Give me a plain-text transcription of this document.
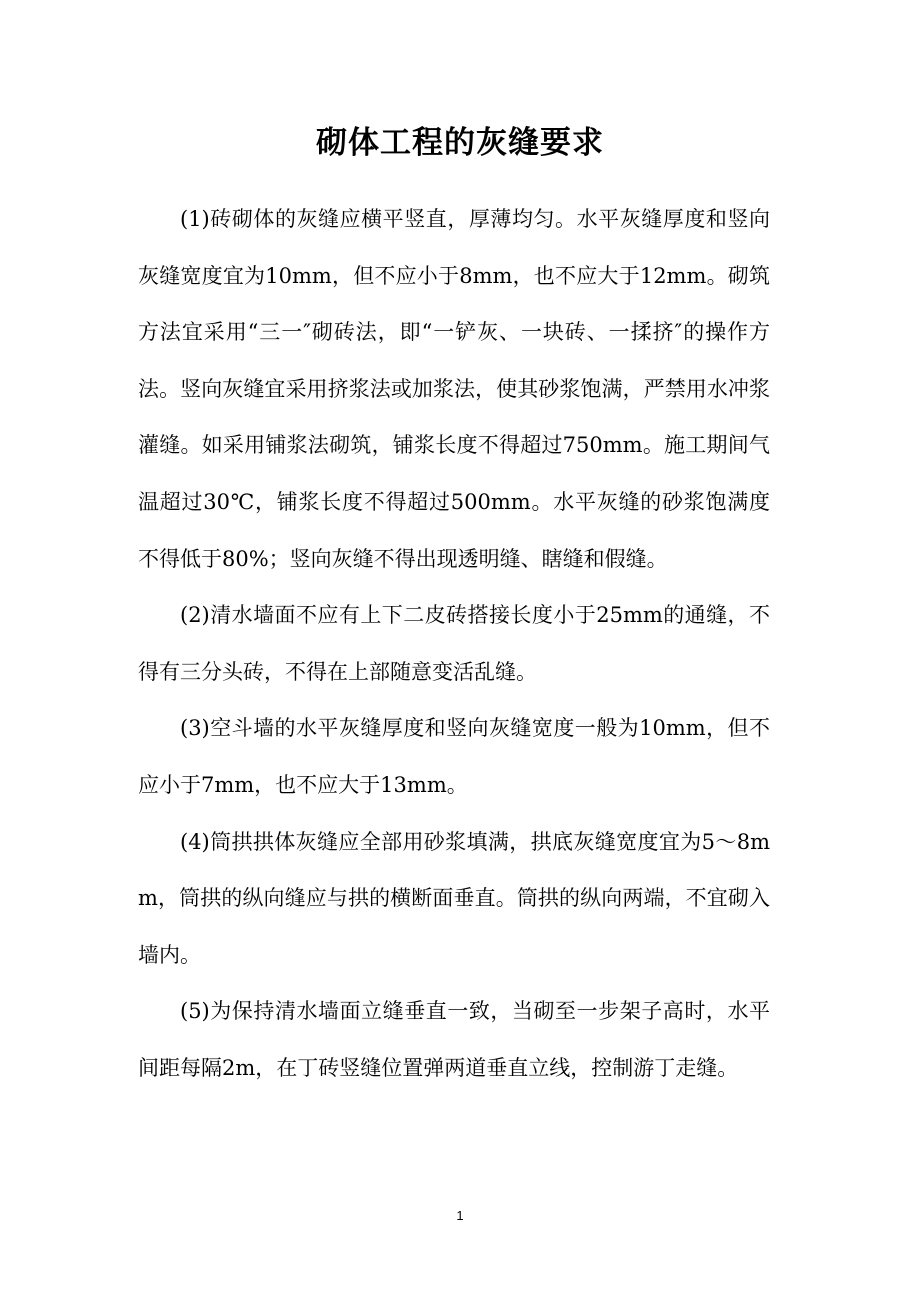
砌体工程的灰缝要求

(1)砖砌体的灰缝应横平竖直，厚薄均匀。水平灰缝厚度和竖向灰缝宽度宜为10mm，但不应小于8mm，也不应大于12mm。砌筑方法宜采用“三一″砌砖法，即“一铲灰、一块砖、一揉挤″的操作方法。竖向灰缝宜采用挤浆法或加浆法，使其砂浆饱满，严禁用水冲浆灌缝。如采用铺浆法砌筑，铺浆长度不得超过750mm。施工期间气温超过30℃，铺浆长度不得超过500mm。水平灰缝的砂浆饱满度不得低于80%；竖向灰缝不得出现透明缝、瞎缝和假缝。

(2)清水墙面不应有上下二皮砖搭接长度小于25mm的通缝，不得有三分头砖，不得在上部随意变活乱缝。

(3)空斗墙的水平灰缝厚度和竖向灰缝宽度一般为10mm，但不应小于7mm，也不应大于13mm。

(4)筒拱拱体灰缝应全部用砂浆填满，拱底灰缝宽度宜为5～8mm，筒拱的纵向缝应与拱的横断面垂直。筒拱的纵向两端，不宜砌入墙内。

(5)为保持清水墙面立缝垂直一致，当砌至一步架子高时，水平间距每隔2m，在丁砖竖缝位置弹两道垂直立线，控制游丁走缝。

1
